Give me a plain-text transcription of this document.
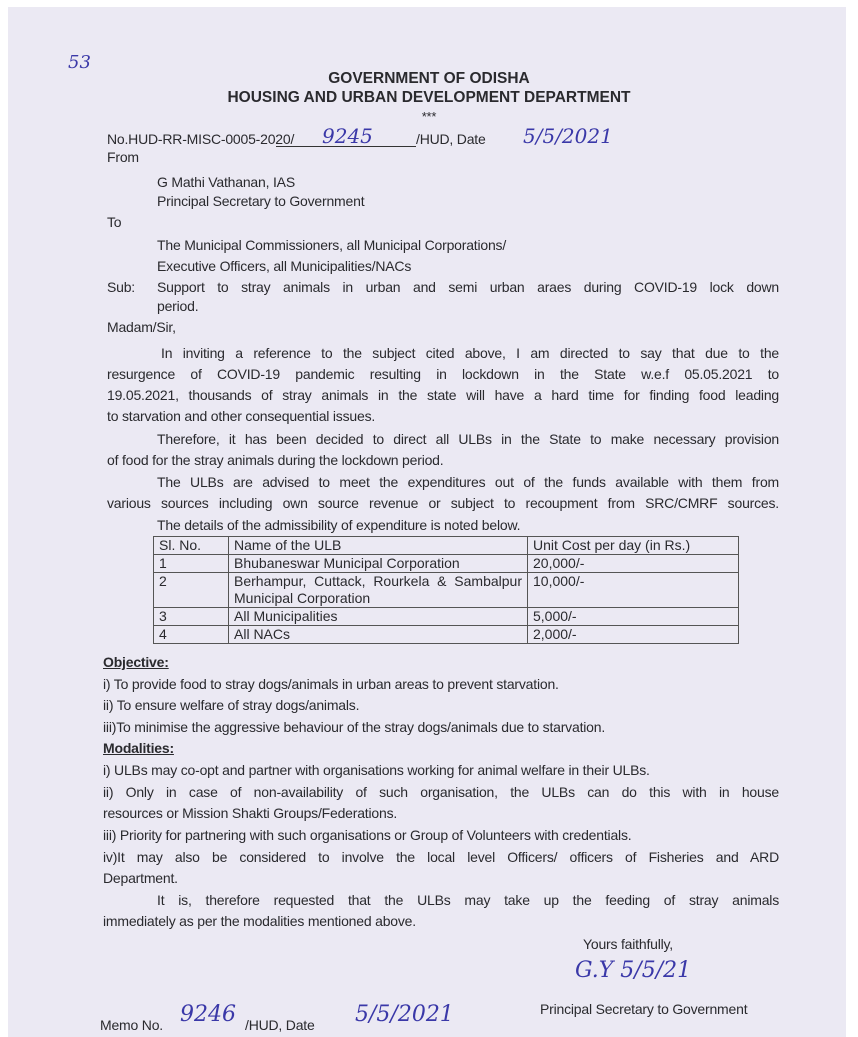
53
GOVERNMENT OF ODISHA
HOUSING AND URBAN DEVELOPMENT DEPARTMENT
***
No.HUD-RR-MISC-0005-2020/ 9245	/HUD, Date 5/5/2021
From
G Mathi Vathanan, IAS
Principal Secretary to Government
To
The Municipal Commissioners, all Municipal Corporations/
Executive Officers, all Municipalities/NACs
Sub: Support to stray animals in urban and semi urban araes during COVID-19 lock down
period.
Madam/Sir,
In inviting a reference to the subject cited above, I am directed to say that due to the
resurgence of COVID-19 pandemic resulting in lockdown in the State w.e.f 05.05.2021 to
19.05.2021, thousands of stray animals in the state will have a hard time for finding food leading
to starvation and other consequential issues.
Therefore, it has been decided to direct all ULBs in the State to make necessary provision
of food for the stray animals during the lockdown period.
The ULBs are advised to meet the expenditures out of the funds available with them from
various sources including own source revenue or subject to recoupment from SRC/CMRF sources.
The details of the admissibility of expenditure is noted below.
Sl. No.	Name of the ULB	Unit Cost per day (in Rs.)
1	Bhubaneswar Municipal Corporation	20,000/-
2	Berhampur, Cuttack, Rourkela & Sambalpur Municipal Corporation	10,000/-
3	All Municipalities	5,000/-
4	All NACs	2,000/-
Objective:
i) To provide food to stray dogs/animals in urban areas to prevent starvation.
ii) To ensure welfare of stray dogs/animals.
iii)To minimise the aggressive behaviour of the stray dogs/animals due to starvation.
Modalities:
i) ULBs may co-opt and partner with organisations working for animal welfare in their ULBs.
ii) Only in case of non-availability of such organisation, the ULBs can do this with in house
resources or Mission Shakti Groups/Federations.
iii) Priority for partnering with such organisations or Group of Volunteers with credentials.
iv)It may also be considered to involve the local level Officers/ officers of Fisheries and ARD
Department.
It is, therefore requested that the ULBs may take up the feeding of stray animals
immediately as per the modalities mentioned above.
Yours faithfully,
G.Y 5/5/21
Principal Secretary to Government
Memo No. 9246 /HUD, Date 5/5/2021
